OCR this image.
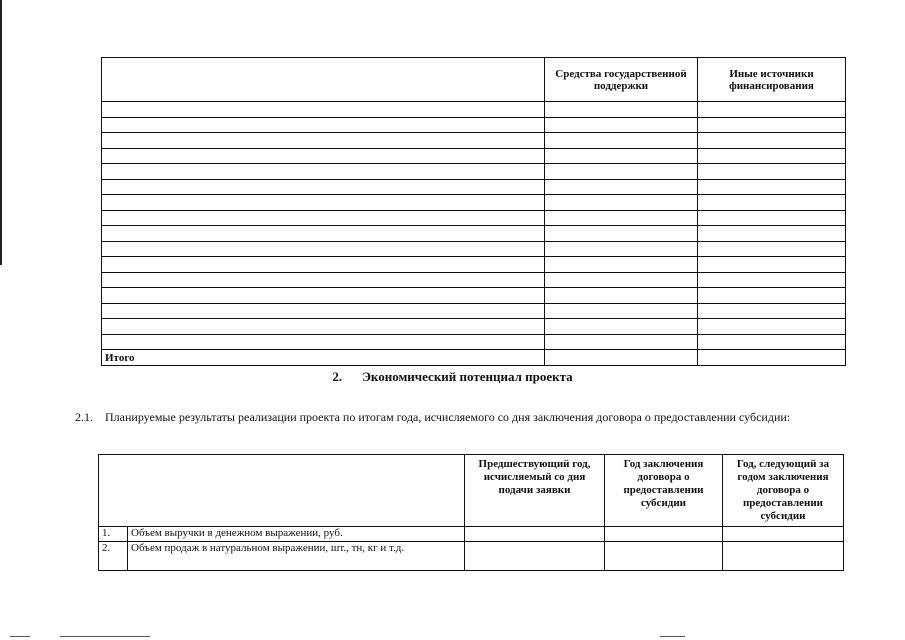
	Средства государственной поддержки	Иные источники финансирования

Итого		
2. Экономический потенциал проекта
2.1. Планируемые результаты реализации проекта по итогам года, исчисляемого со дня заключения договора о предоставлении субсидии:
		Предшествующий год, исчисляемый со дня подачи заявки	Год заключения договора о предоставлении субсидии	Год, следующий за годом заключения договора о предоставлении субсидии
1.	Объем выручки в денежном выражении, руб.			
2.	Объем продаж в натуральном выражении, шт., тн, кг и т.д.			
